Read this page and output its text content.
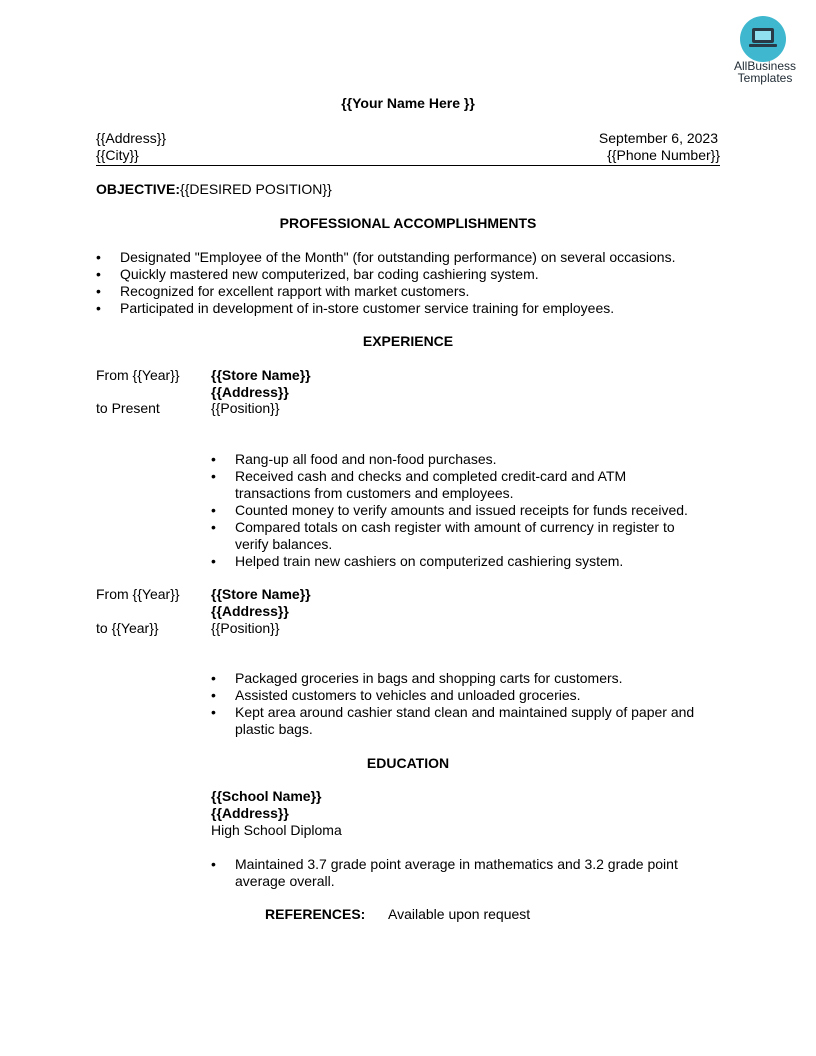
AllBusiness
Templates
{{Your Name Here }}
{{Address}}
{{City}}
September 6, 2023
{{Phone Number}}
OBJECTIVE:{{DESIRED POSITION}}
PROFESSIONAL ACCOMPLISHMENTS
• Designated "Employee of the Month" (for outstanding performance) on several occasions.
• Quickly mastered new computerized, bar coding cashiering system.
• Recognized for excellent rapport with market customers.
• Participated in development of in-store customer service training for employees.
EXPERIENCE
From {{Year}}
to Present
{{Store Name}}
{{Address}}
{{Position}}
• Rang-up all food and non-food purchases.
• Received cash and checks and completed credit-card and ATM
transactions from customers and employees.
• Counted money to verify amounts and issued receipts for funds received.
• Compared totals on cash register with amount of currency in register to
verify balances.
• Helped train new cashiers on computerized cashiering system.
From {{Year}}
to {{Year}}
{{Store Name}}
{{Address}}
{{Position}}
• Packaged groceries in bags and shopping carts for customers.
• Assisted customers to vehicles and unloaded groceries.
• Kept area around cashier stand clean and maintained supply of paper and
plastic bags.
EDUCATION
{{School Name}}
{{Address}}
High School Diploma
• Maintained 3.7 grade point average in mathematics and 3.2 grade point
average overall.
REFERENCES: Available upon request
